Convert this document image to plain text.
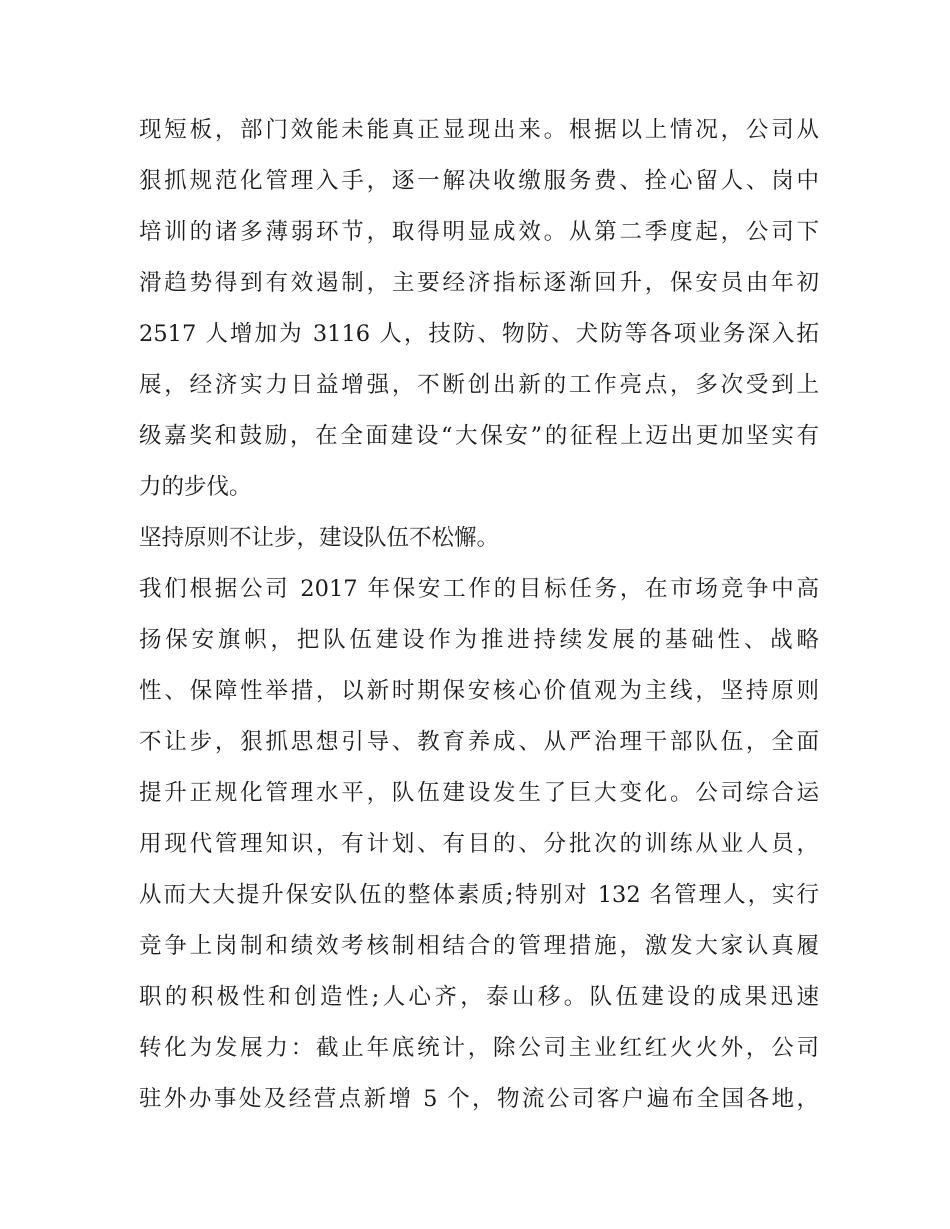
现短板，部门效能未能真正显现出来。根据以上情况，公司从
狠抓规范化管理入手，逐一解决收缴服务费、拴心留人、岗中
培训的诸多薄弱环节，取得明显成效。从第二季度起，公司下
滑趋势得到有效遏制，主要经济指标逐渐回升，保安员由年初
2517 人增加为 3116 人，技防、物防、犬防等各项业务深入拓
展，经济实力日益增强，不断创出新的工作亮点，多次受到上
级嘉奖和鼓励，在全面建设“大保安”的征程上迈出更加坚实有
力的步伐。
坚持原则不让步，建设队伍不松懈。
我们根据公司 2017 年保安工作的目标任务，在市场竞争中高
扬保安旗帜，把队伍建设作为推进持续发展的基础性、战略
性、保障性举措，以新时期保安核心价值观为主线，坚持原则
不让步，狠抓思想引导、教育养成、从严治理干部队伍，全面
提升正规化管理水平，队伍建设发生了巨大变化。公司综合运
用现代管理知识，有计划、有目的、分批次的训练从业人员，
从而大大提升保安队伍的整体素质;特别对 132 名管理人，实行
竞争上岗制和绩效考核制相结合的管理措施，激发大家认真履
职的积极性和创造性;人心齐，泰山移。队伍建设的成果迅速
转化为发展力：截止年底统计，除公司主业红红火火外，公司
驻外办事处及经营点新增 5 个，物流公司客户遍布全国各地，
